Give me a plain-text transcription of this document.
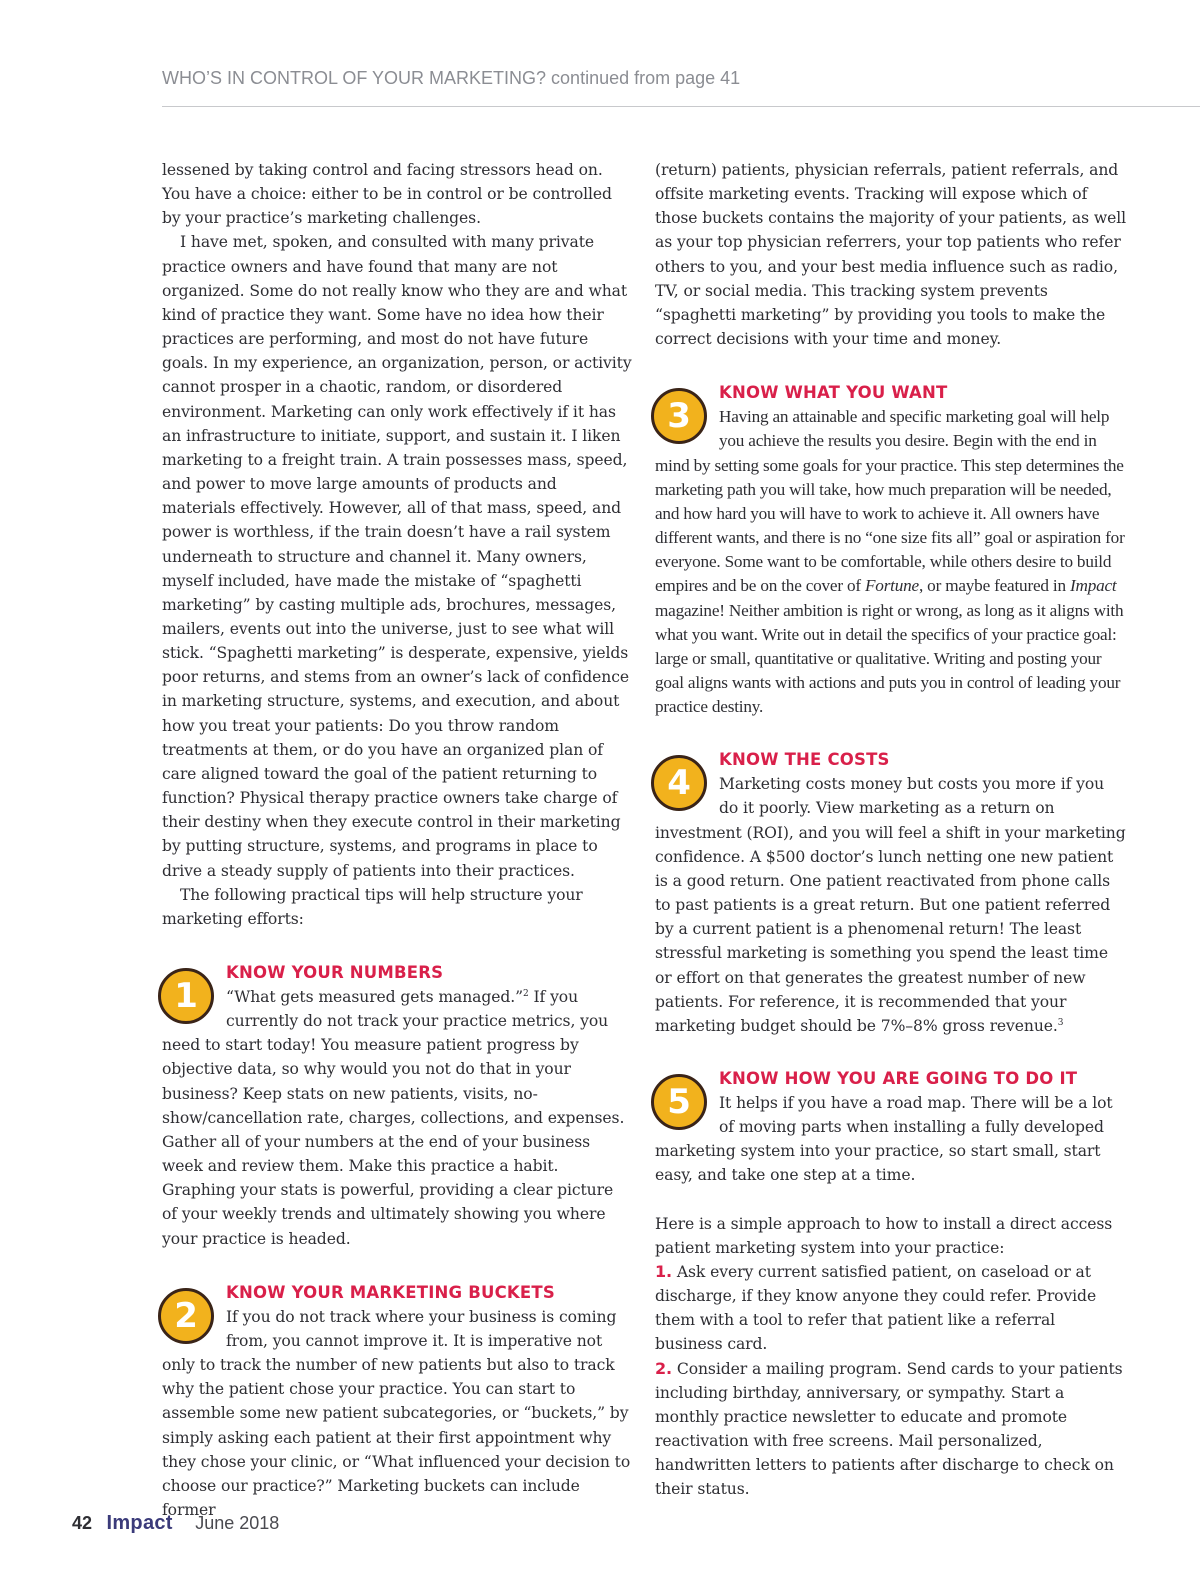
WHO’S IN CONTROL OF YOUR MARKETING? continued from page 41

lessened by taking control and facing stressors head on. You have a choice: either to be in control or be controlled by your practice’s marketing challenges.

I have met, spoken, and consulted with many private practice owners and have found that many are not organized. Some do not really know who they are and what kind of practice they want. Some have no idea how their practices are performing, and most do not have future goals. In my experience, an organization, person, or activity cannot prosper in a chaotic, random, or disordered environment. Marketing can only work effectively if it has an infrastructure to initiate, support, and sustain it. I liken marketing to a freight train. A train possesses mass, speed, and power to move large amounts of products and materials effectively. However, all of that mass, speed, and power is worthless, if the train doesn’t have a rail system underneath to structure and channel it. Many owners, myself included, have made the mistake of “spaghetti marketing” by casting multiple ads, brochures, messages, mailers, events out into the universe, just to see what will stick. “Spaghetti marketing” is desperate, expensive, yields poor returns, and stems from an owner’s lack of confidence in marketing structure, systems, and execution, and about how you treat your patients: Do you throw random treatments at them, or do you have an organized plan of care aligned toward the goal of the patient returning to function? Physical therapy practice owners take charge of their destiny when they execute control in their marketing by putting structure, systems, and programs in place to drive a steady supply of patients into their practices.

The following practical tips will help structure your marketing efforts:

1
KNOW YOUR NUMBERS

“What gets measured gets managed.”$^2$ If you currently do not track your practice metrics, you need to start today! You measure patient progress by objective data, so why would you not do that in your business? Keep stats on new patients, visits, no-show/cancellation rate, charges, collections, and expenses. Gather all of your numbers at the end of your business week and review them. Make this practice a habit. Graphing your stats is powerful, providing a clear picture of your weekly trends and ultimately showing you where your practice is headed.

2
KNOW YOUR MARKETING BUCKETS

If you do not track where your business is coming from, you cannot improve it. It is imperative not only to track the number of new patients but also to track why the patient chose your practice. You can start to assemble some new patient subcategories, or “buckets,” by simply asking each patient at their first appointment why they chose your clinic, or “What influenced your decision to choose our practice?” Marketing buckets can include former

(return) patients, physician referrals, patient referrals, and offsite marketing events. Tracking will expose which of those buckets contains the majority of your patients, as well as your top physician referrers, your top patients who refer others to you, and your best media influence such as radio, TV, or social media. This tracking system prevents “spaghetti marketing” by providing you tools to make the correct decisions with your time and money.

3
KNOW WHAT YOU WANT

Having an attainable and specific marketing goal will help you achieve the results you desire. Begin with the end in mind by setting some goals for your practice. This step determines the marketing path you will take, how much preparation will be needed, and how hard you will have to work to achieve it. All owners have different wants, and there is no “one size fits all” goal or aspiration for everyone. Some want to be comfortable, while others desire to build empires and be on the cover of Fortune, or maybe featured in Impact magazine! Neither ambition is right or wrong, as long as it aligns with what you want. Write out in detail the specifics of your practice goal: large or small, quantitative or qualitative. Writing and posting your goal aligns wants with actions and puts you in control of leading your practice destiny.

4
KNOW THE COSTS

Marketing costs money but costs you more if you do it poorly. View marketing as a return on investment (ROI), and you will feel a shift in your marketing confidence. A $500 doctor’s lunch netting one new patient is a good return. One patient reactivated from phone calls to past patients is a great return. But one patient referred by a current patient is a phenomenal return! The least stressful marketing is something you spend the least time or effort on that generates the greatest number of new patients. For reference, it is recommended that your marketing budget should be 7%–8% gross revenue.$^3$

5
KNOW HOW YOU ARE GOING TO DO IT

It helps if you have a road map. There will be a lot of moving parts when installing a fully developed marketing system into your practice, so start small, start easy, and take one step at a time.

Here is a simple approach to how to install a direct access patient marketing system into your practice:

1. Ask every current satisfied patient, on caseload or at discharge, if they know anyone they could refer. Provide them with a tool to refer that patient like a referral business card.

2. Consider a mailing program. Send cards to your patients including birthday, anniversary, or sympathy. Start a monthly practice newsletter to educate and promote reactivation with free screens. Mail personalized, handwritten letters to patients after discharge to check on their status.

42 Impact June 2018
